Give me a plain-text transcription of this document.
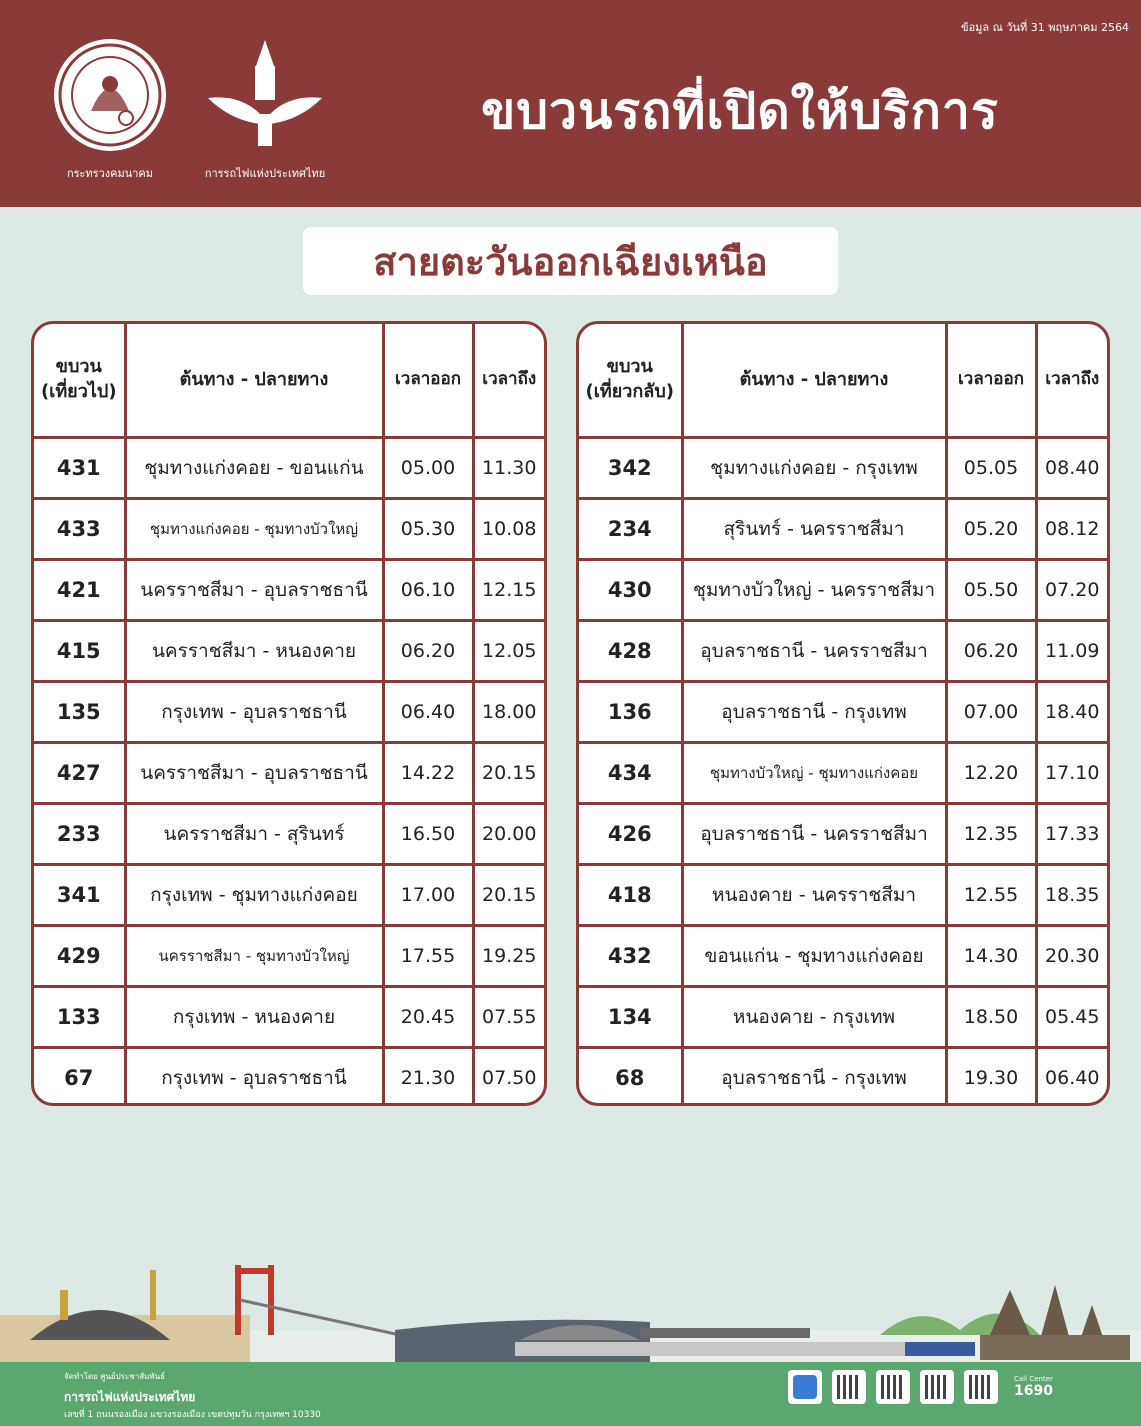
ข้อมูล ณ วันที่ 31 พฤษภาคม 2564
กระทรวงคมนาคม	การรถไฟแห่งประเทศไทย
ขบวนรถที่เปิดให้บริการ
สายตะวันออกเฉียงเหนือ
ขบวน
(เที่ยวไป)	ต้นทาง - ปลายทาง	เวลาออก	เวลาถึง
431	ชุมทางแก่งคอย - ขอนแก่น	05.00	11.30
433	ชุมทางแก่งคอย - ชุมทางบัวใหญ่	05.30	10.08
421	นครราชสีมา - อุบลราชธานี	06.10	12.15
415	นครราชสีมา - หนองคาย	06.20	12.05
135	กรุงเทพ - อุบลราชธานี	06.40	18.00
427	นครราชสีมา - อุบลราชธานี	14.22	20.15
233	นครราชสีมา - สุรินทร์	16.50	20.00
341	กรุงเทพ - ชุมทางแก่งคอย	17.00	20.15
429	นครราชสีมา - ชุมทางบัวใหญ่	17.55	19.25
133	กรุงเทพ - หนองคาย	20.45	07.55
67	กรุงเทพ - อุบลราชธานี	21.30	07.50
ขบวน
(เที่ยวกลับ)	ต้นทาง - ปลายทาง	เวลาออก	เวลาถึง
342	ชุมทางแก่งคอย - กรุงเทพ	05.05	08.40
234	สุรินทร์ - นครราชสีมา	05.20	08.12
430	ชุมทางบัวใหญ่ - นครราชสีมา	05.50	07.20
428	อุบลราชธานี - นครราชสีมา	06.20	11.09
136	อุบลราชธานี - กรุงเทพ	07.00	18.40
434	ชุมทางบัวใหญ่ - ชุมทางแก่งคอย	12.20	17.10
426	อุบลราชธานี - นครราชสีมา	12.35	17.33
418	หนองคาย - นครราชสีมา	12.55	18.35
432	ขอนแก่น - ชุมทางแก่งคอย	14.30	20.30
134	หนองคาย - กรุงเทพ	18.50	05.45
68	อุบลราชธานี - กรุงเทพ	19.30	06.40
จัดทำโดย ศูนย์ประชาสัมพันธ์
การรถไฟแห่งประเทศไทย
เลขที่ 1 ถนนรองเมือง แขวงรองเมือง เขตปทุมวัน กรุงเทพฯ 10330
Call Center
1690
